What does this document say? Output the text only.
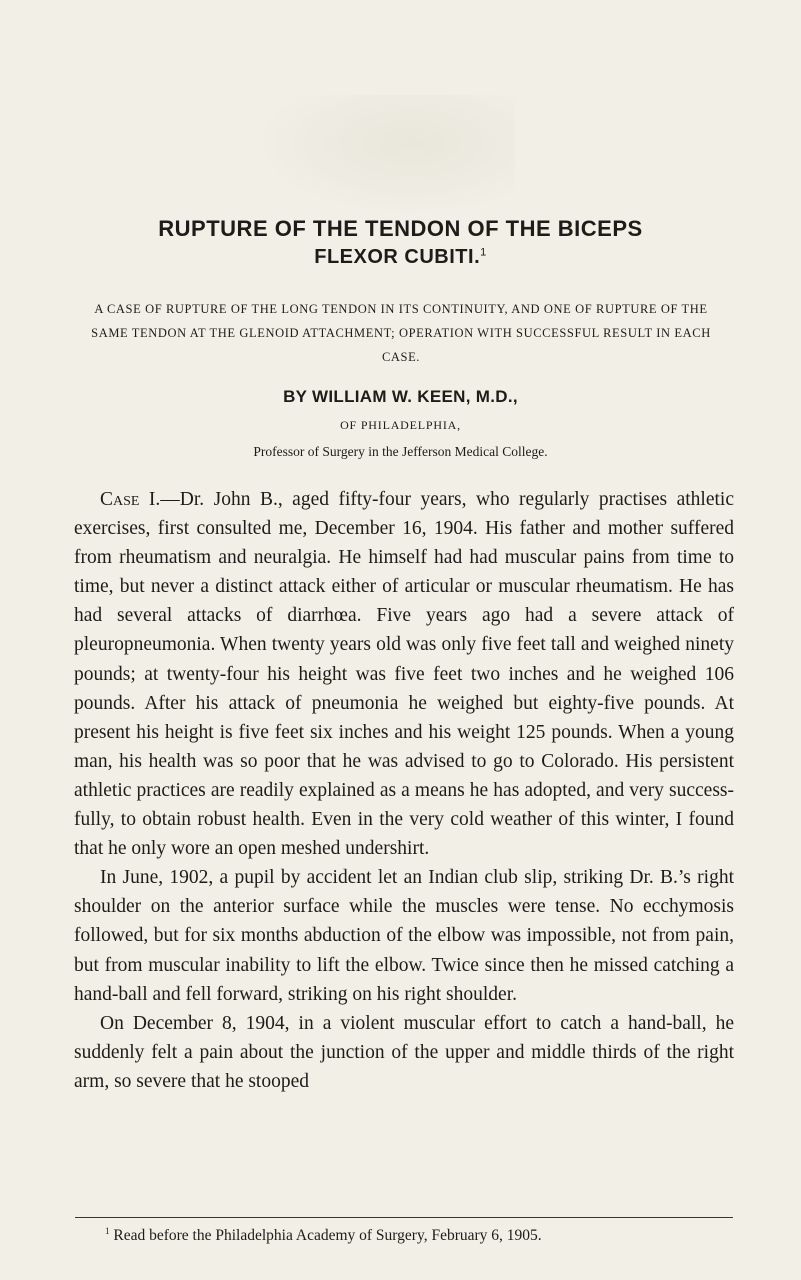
RUPTURE OF THE TENDON OF THE BICEPS
FLEXOR CUBITI.$^1$
A CASE OF RUPTURE OF THE LONG TENDON IN ITS CONTINUITY, AND ONE OF RUPTURE OF THE SAME TENDON AT THE GLENOID ATTACHMENT; OPERATION WITH SUCCESSFUL RESULT IN EACH CASE.
BY WILLIAM W. KEEN, M.D.,
OF PHILADELPHIA,
Professor of Surgery in the Jefferson Medical College.

Case I.—Dr. John B., aged fifty-four years, who regularly practises athletic exercises, first consulted me, December 16, 1904. His father and mother suffered from rheumatism and neuralgia. He himself had had muscular pains from time to time, but never a distinct attack either of articular or muscular rheumatism. He has had several attacks of diarrhœa. Five years ago had a severe attack of pleuropneumonia. When twenty years old was only five feet tall and weighed ninety pounds; at twenty-four his height was five feet two inches and he weighed 106 pounds. After his attack of pneumonia he weighed but eighty-five pounds. At present his height is five feet six inches and his weight 125 pounds. When a young man, his health was so poor that he was advised to go to Colorado. His persistent athletic practices are readily explained as a means he has adopted, and very success-fully, to obtain robust health. Even in the very cold weather of this winter, I found that he only wore an open meshed undershirt.

In June, 1902, a pupil by accident let an Indian club slip, striking Dr. B.’s right shoulder on the anterior surface while the muscles were tense. No ecchymosis followed, but for six months abduction of the elbow was impossible, not from pain, but from muscular inability to lift the elbow. Twice since then he missed catching a hand-ball and fell forward, striking on his right shoulder.

On December 8, 1904, in a violent muscular effort to catch a hand-ball, he suddenly felt a pain about the junction of the upper and middle thirds of the right arm, so severe that he stooped

$^1$ Read before the Philadelphia Academy of Surgery, February 6, 1905.
